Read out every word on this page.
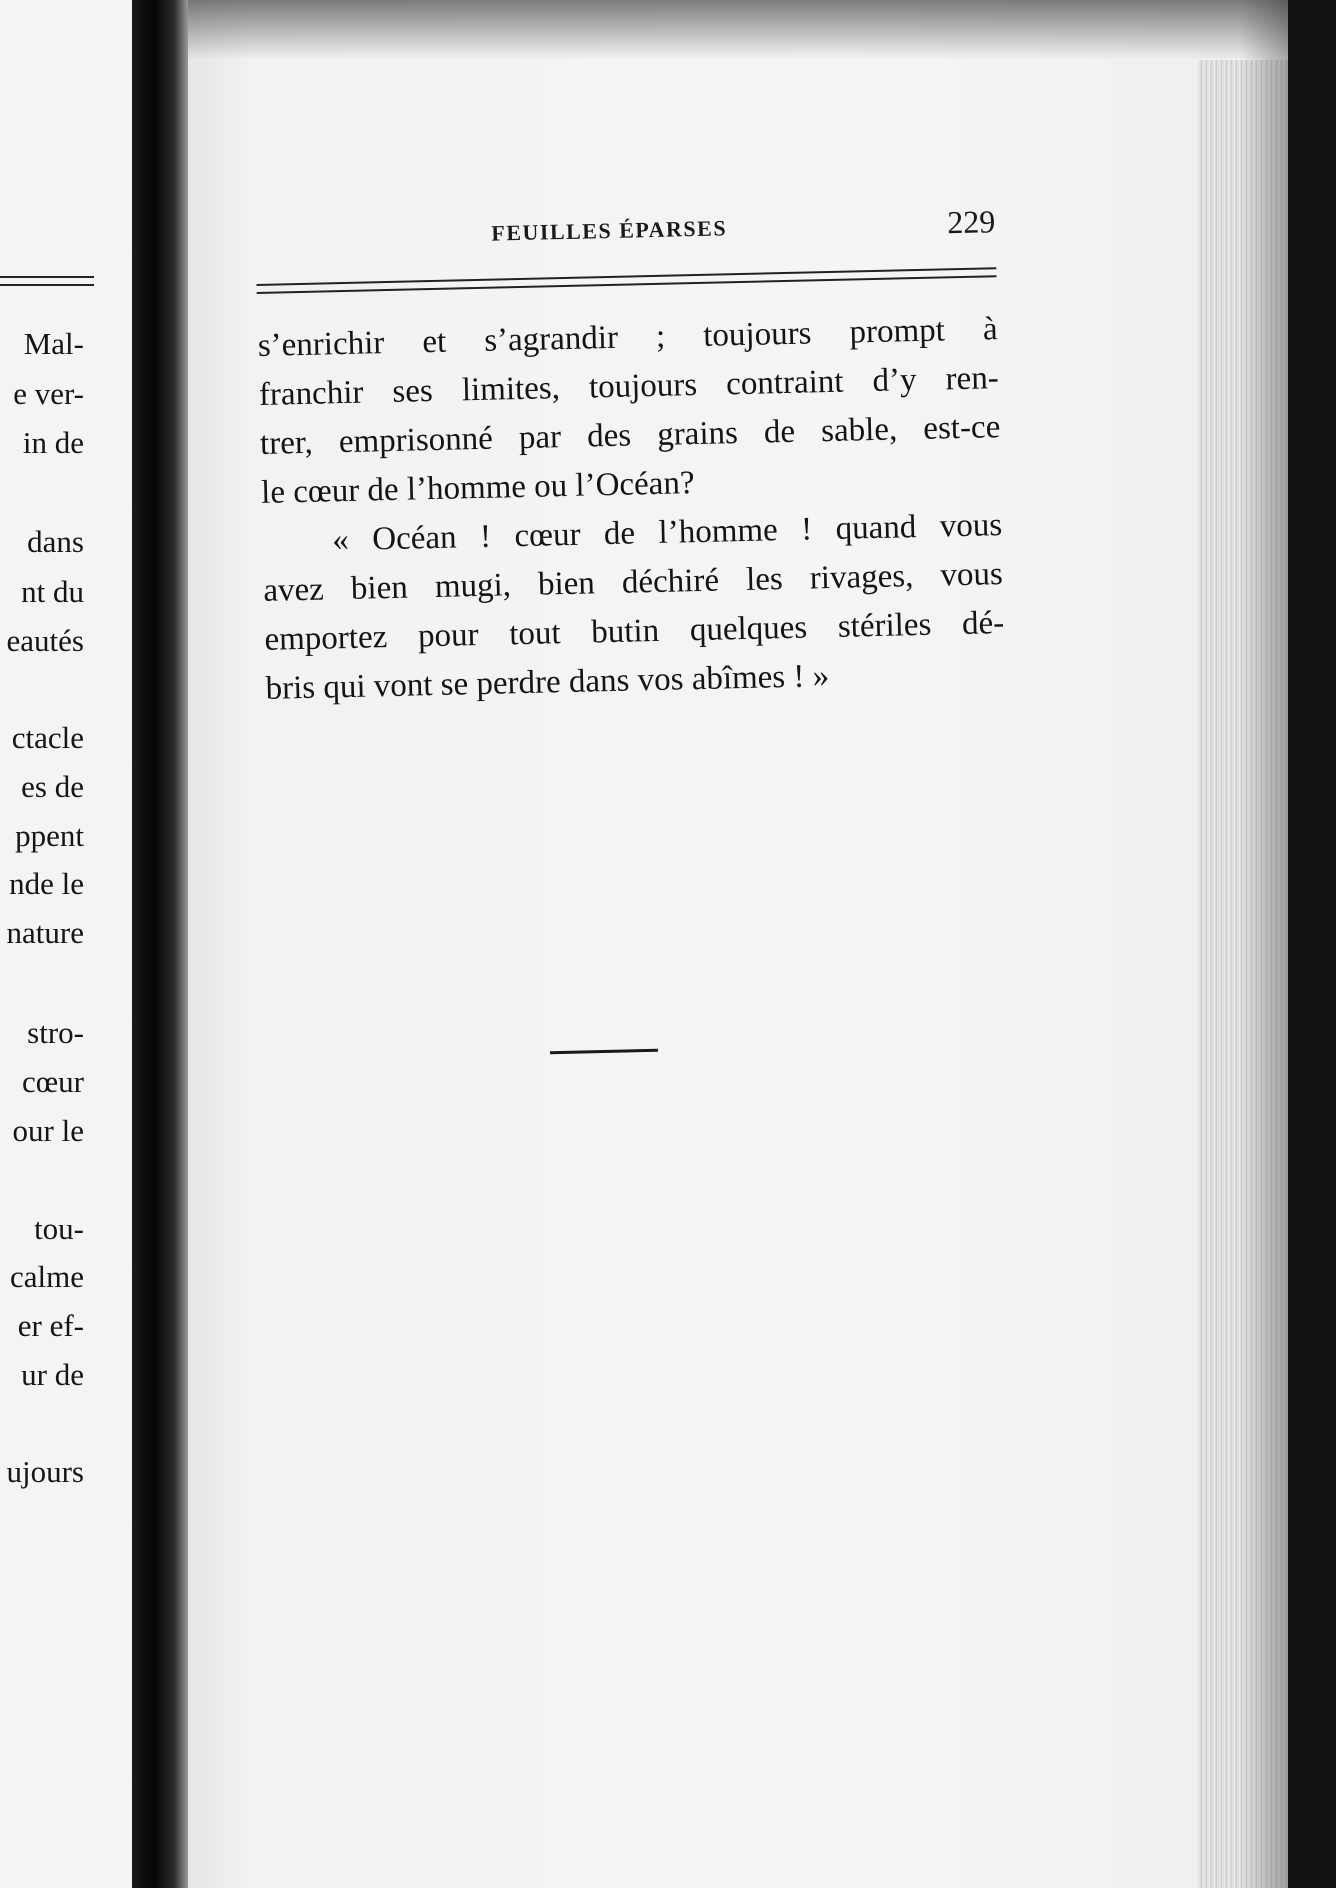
Mal-
e ver-
in de
dans
nt du
eautés
ctacle
es de
ppent
nde le
nature
stro-
cœur
our le
tou-
calme
er ef-
ur de
ujours
FEUILLES ÉPARSES	229
s’enrichir et s’agrandir ; toujours prompt à
franchir ses limites, toujours contraint d’y ren-
trer, emprisonné par des grains de sable, est-ce
le cœur de l’homme ou l’Océan?
« Océan ! cœur de l’homme ! quand vous
avez bien mugi, bien déchiré les rivages, vous
emportez pour tout butin quelques stériles dé-
bris qui vont se perdre dans vos abîmes ! »
